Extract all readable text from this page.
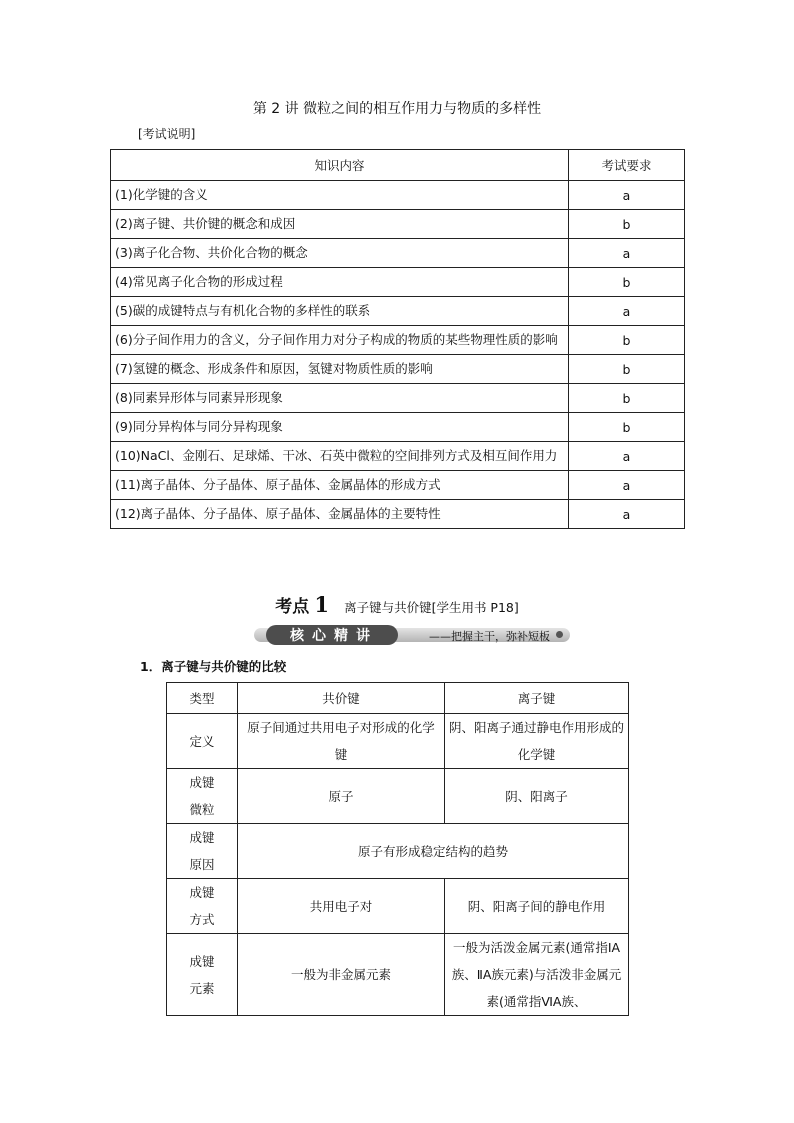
第 2 讲 微粒之间的相互作用力与物质的多样性
[考试说明]
知识内容	考试要求
(1)化学键的含义	a
(2)离子键、共价键的概念和成因	b
(3)离子化合物、共价化合物的概念	a
(4)常见离子化合物的形成过程	b
(5)碳的成键特点与有机化合物的多样性的联系	a
(6)分子间作用力的含义，分子间作用力对分子构成的物质的某些物理性质的影响	b
(7)氢键的概念、形成条件和原因，氢键对物质性质的影响	b
(8)同素异形体与同素异形现象	b
(9)同分异构体与同分异构现象	b
(10)NaCl、金刚石、足球烯、干冰、石英中微粒的空间排列方式及相互间作用力	a
(11)离子晶体、分子晶体、原子晶体、金属晶体的形成方式	a
(12)离子晶体、分子晶体、原子晶体、金属晶体的主要特性	a
考点 1 离子键与共价键[学生用书 P18]
核心精讲	——把握主干，弥补短板
1．离子键与共价键的比较
类型	共价键	离子键
定义	原子间通过共用电子对形成的化学键	阴、阳离子通过静电作用形成的化学键

成键微粒	原子	阴、阳离子

成键原因	原子有形成稳定结构的趋势	

成键方式	共用电子对	阴、阳离子间的静电作用

成键元素	一般为非金属元素	一般为活泼金属元素(通常指ⅠA族、ⅡA族元素)与活泼非金属元素(通常指ⅥA族、
